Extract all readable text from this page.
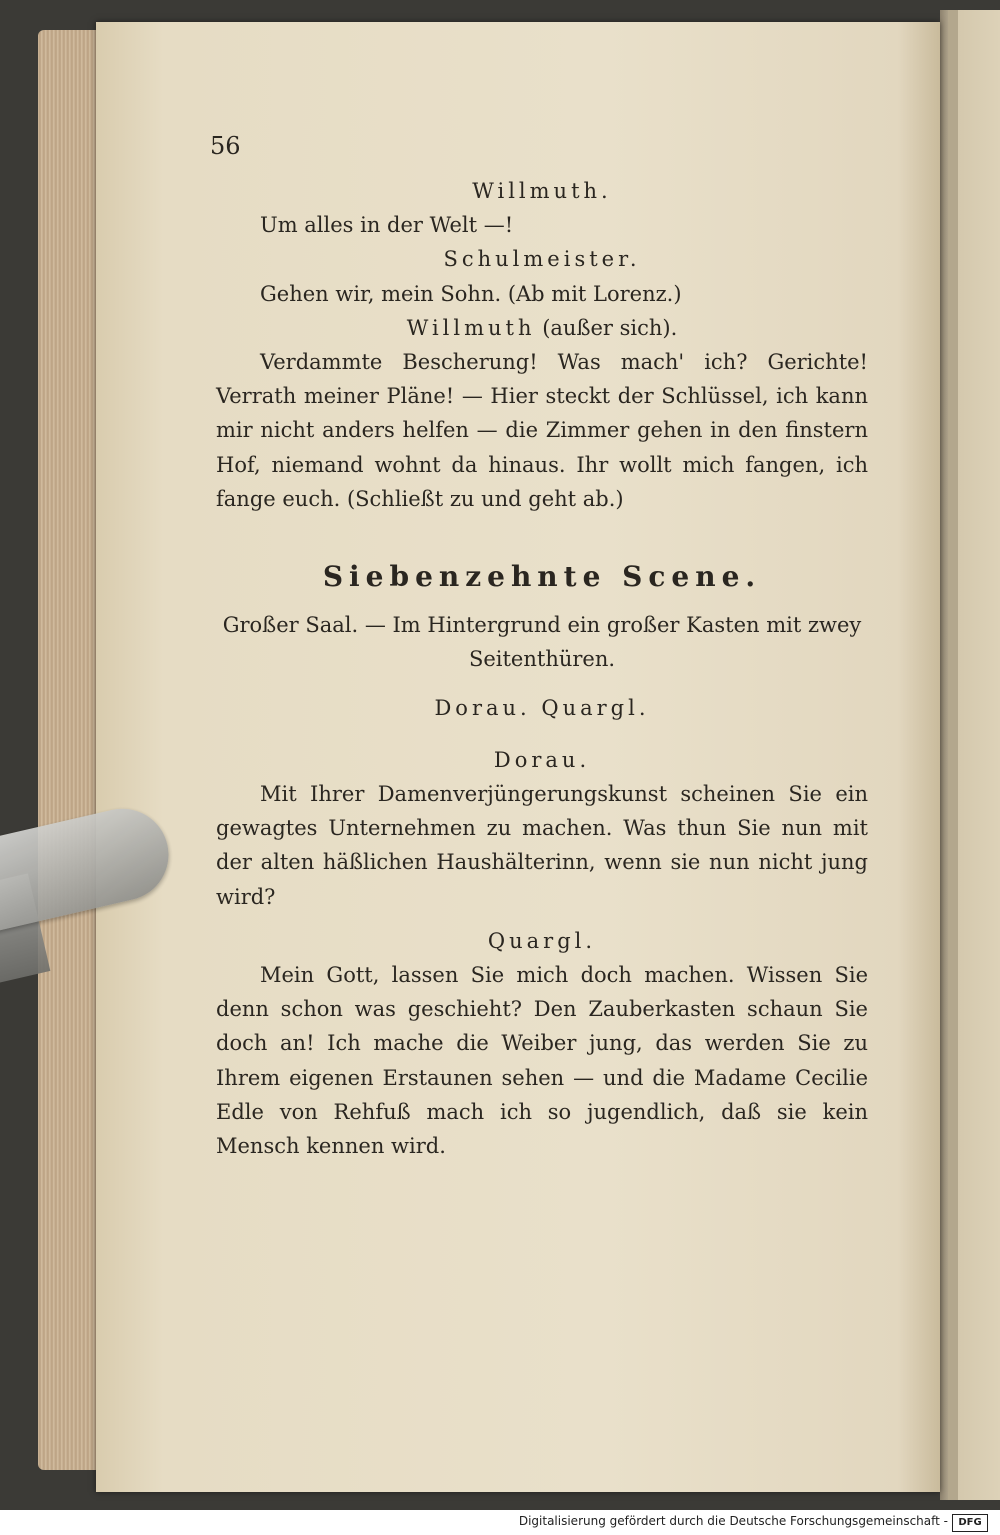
56

Willmuth.

Um alles in der Welt —!

Schulmeister.

Gehen wir, mein Sohn. (Ab mit Lorenz.)

Willmuth (außer sich).

Verdammte Bescherung! Was mach' ich? Gerichte! Verrath meiner Pläne! — Hier steckt der Schlüssel, ich kann mir nicht anders helfen — die Zimmer gehen in den finstern Hof, niemand wohnt da hinaus. Ihr wollt mich fangen, ich fange euch. (Schließt zu und geht ab.)

Siebenzehnte Scene.
Großer Saal. — Im Hintergrund ein großer Kasten mit zwey Seitenthüren.
Dorau. Quargl.

Dorau.

Mit Ihrer Damenverjüngerungskunst scheinen Sie ein gewagtes Unternehmen zu machen. Was thun Sie nun mit der alten häßlichen Haushälterinn, wenn sie nun nicht jung wird?

Quargl.

Mein Gott, lassen Sie mich doch machen. Wissen Sie denn schon was geschieht? Den Zauberkasten schaun Sie doch an! Ich mache die Weiber jung, das werden Sie zu Ihrem eigenen Erstaunen sehen — und die Madame Cecilie Edle von Rehfuß mach ich so jugendlich, daß sie kein Mensch kennen wird.

Digitalisierung gefördert durch die Deutsche Forschungsgemeinschaft -	DFG
